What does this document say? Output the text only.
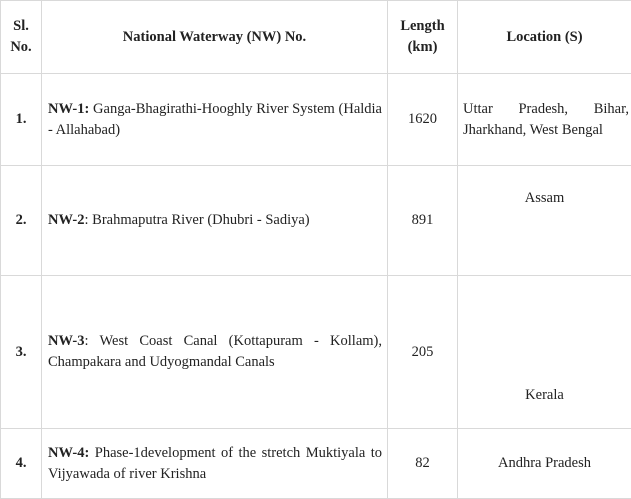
Sl. No.	National Waterway (NW) No.	Length (km)	Location (S)
1.	NW-1: Ganga-Bhagirathi-Hooghly River System (Haldia - Allahabad)	1620	Uttar Pradesh, Bihar, Jharkhand, West Bengal

2.	NW-2: Brahmaputra River (Dhubri - Sadiya)	891	Assam

3.	NW-3: West Coast Canal (Kottapuram - Kollam), Champakara and Udyogmandal Canals	205	Kerala

4.	NW-4: Phase-1development of the stretch Muktiyala to Vijyawada of river Krishna	82	Andhra Pradesh
